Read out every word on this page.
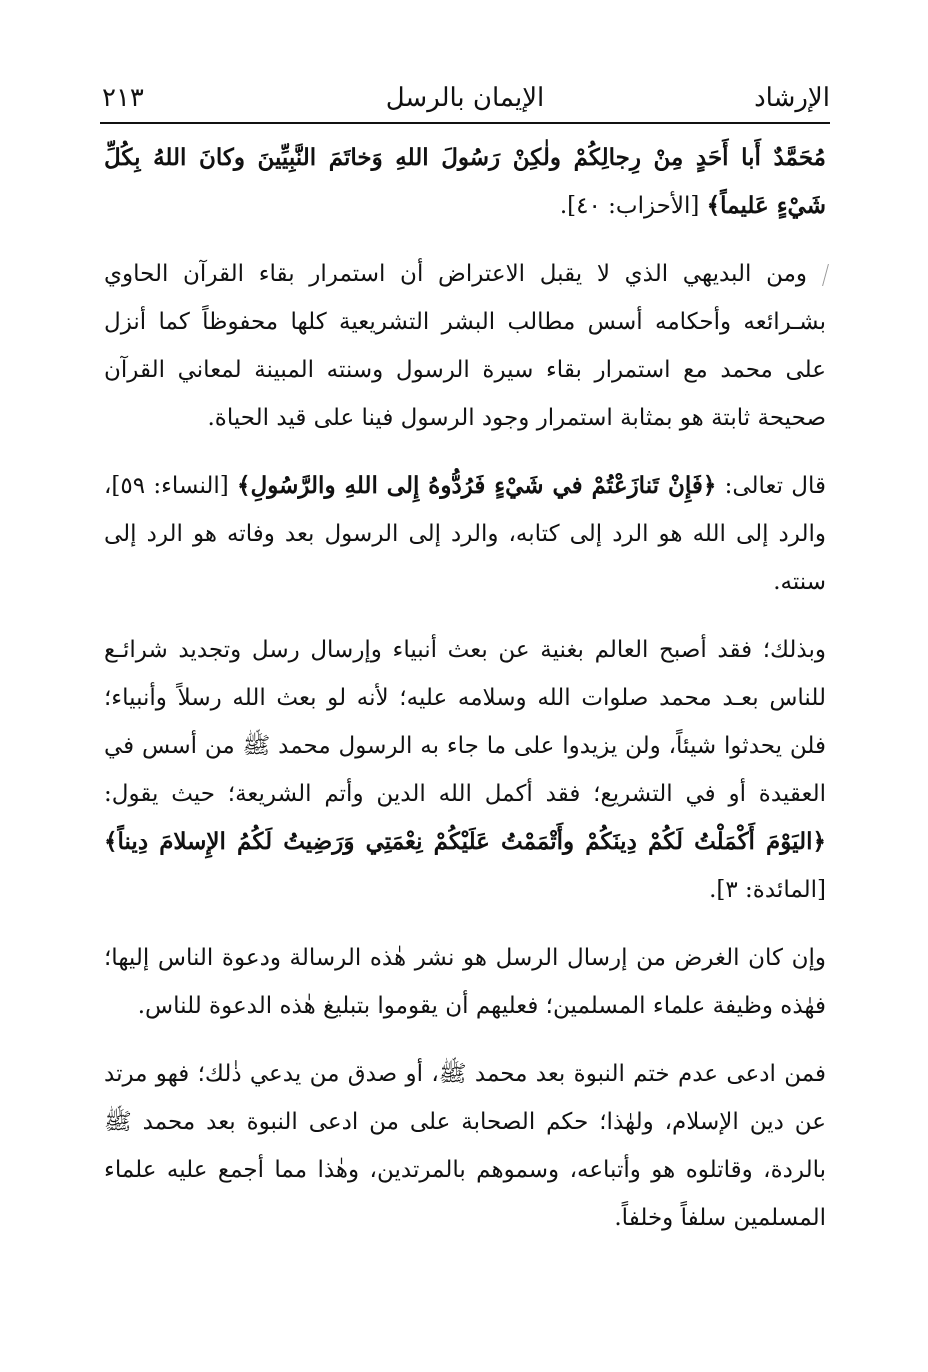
الإرشاد
الإيمان بالرسل
٢١٣

مُحَمَّدٌ أَبا أَحَدٍ مِنْ رِجالِكُمْ ولٰكِنْ رَسُولَ اللهِ وَخاتَمَ النَّبِيِّينَ وكانَ اللهُ بِكُلِّ شَيْءٍ عَليماً﴾ [الأحزاب: ٤٠].

ومن البديهي الذي لا يقبل الاعتراض أن استمرار بقاء القرآن الحاوي بشـرائعه وأحكامه أسس مطالب البشر التشريعية كلها محفوظاً كما أنزل على محمد مع استمرار بقاء سيرة الرسول وسنته المبينة لمعاني القرآن صحيحة ثابتة هو بمثابة استمرار وجود الرسول فينا على قيد الحياة.

قال تعالى: ﴿فَإِنْ تَنازَعْتُمْ في شَيْءٍ فَرُدُّوهُ إِلى اللهِ والرَّسُولِ﴾ [النساء: ٥٩]، والرد إلى الله هو الرد إلى كتابه، والرد إلى الرسول بعد وفاته هو الرد إلى سنته.

وبذلك؛ فقد أصبح العالم بغنية عن بعث أنبياء وإرسال رسل وتجديد شرائـع للناس بعـد محمد صلوات الله وسلامه عليه؛ لأنه لو بعث الله رسلاً وأنبياء؛ فلن يحدثوا شيئاً، ولن يزيدوا على ما جاء به الرسول محمد ﷺ من أسس في العقيدة أو في التشريع؛ فقد أكمل الله الدين وأتم الشريعة؛ حيث يقول: ﴿اليَوْمَ أَكْمَلْتُ لَكُمْ دِينَكُمْ وأَتْمَمْتُ عَلَيْكُمْ نِعْمَتِي وَرَضِيتُ لَكُمُ الإِسلامَ دِيناً﴾ [المائدة: ٣].

وإن كان الغرض من إرسال الرسل هو نشر هٰذه الرسالة ودعوة الناس إليها؛ فهٰذه وظيفة علماء المسلمين؛ فعليهم أن يقوموا بتبليغ هٰذه الدعوة للناس.

فمن ادعى عدم ختم النبوة بعد محمد ﷺ، أو صدق من يدعي ذٰلك؛ فهو مرتد عن دين الإسلام، ولهٰذا؛ حكم الصحابة على من ادعى النبوة بعد محمد ﷺ بالردة، وقاتلوه هو وأتباعه، وسموهم بالمرتدين، وهٰذا مما أجمع عليه علماء المسلمين سلفاً وخلفاً.
